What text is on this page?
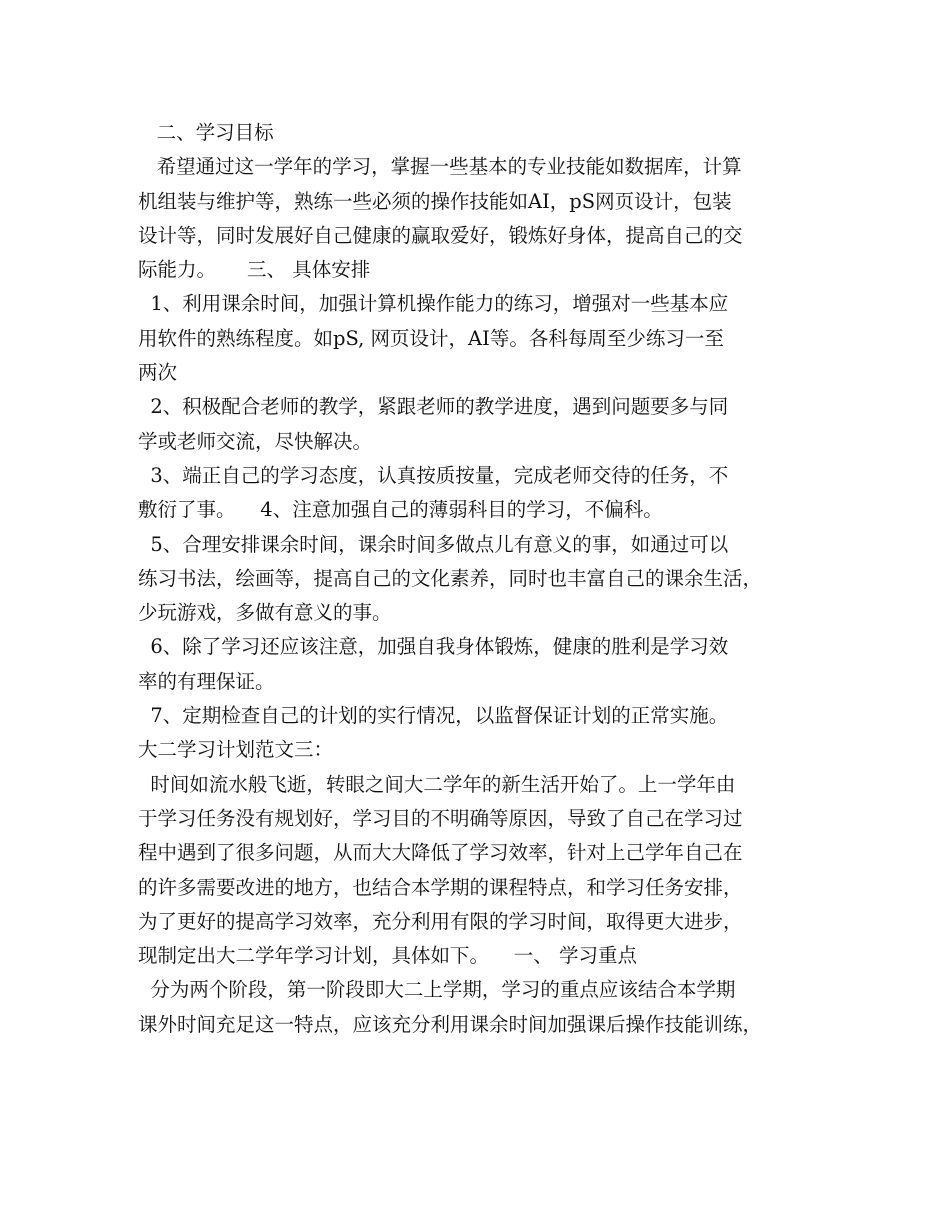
二、学习目标
希望通过这一学年的学习，掌握一些基本的专业技能如数据库，计算
机组装与维护等，熟练一些必须的操作技能如AI，pS网页设计，包装
设计等，同时发展好自己健康的赢取爱好，锻炼好身体，提高自己的交
际能力。     三、 具体安排
1、利用课余时间，加强计算机操作能力的练习，增强对一些基本应
用软件的熟练程度。如pS, 网页设计，AI等。各科每周至少练习一至
两次
2、积极配合老师的教学，紧跟老师的教学进度，遇到问题要多与同
学或老师交流，尽快解决。
3、端正自己的学习态度，认真按质按量，完成老师交待的任务，不
敷衍了事。    4、注意加强自己的薄弱科目的学习，不偏科。
5、合理安排课余时间，课余时间多做点儿有意义的事，如通过可以
练习书法，绘画等，提高自己的文化素养，同时也丰富自己的课余生活，
少玩游戏，多做有意义的事。
6、除了学习还应该注意，加强自我身体锻炼，健康的胜利是学习效
率的有理保证。
7、定期检查自己的计划的实行情况，以监督保证计划的正常实施。
大二学习计划范文三：
时间如流水般飞逝，转眼之间大二学年的新生活开始了。上一学年由
于学习任务没有规划好，学习目的不明确等原因，导致了自己在学习过
程中遇到了很多问题，从而大大降低了学习效率，针对上己学年自己在
的许多需要改进的地方，也结合本学期的课程特点，和学习任务安排，
为了更好的提高学习效率，充分利用有限的学习时间，取得更大进步，
现制定出大二学年学习计划，具体如下。    一、 学习重点
分为两个阶段，第一阶段即大二上学期，学习的重点应该结合本学期
课外时间充足这一特点，应该充分利用课余时间加强课后操作技能训练，
